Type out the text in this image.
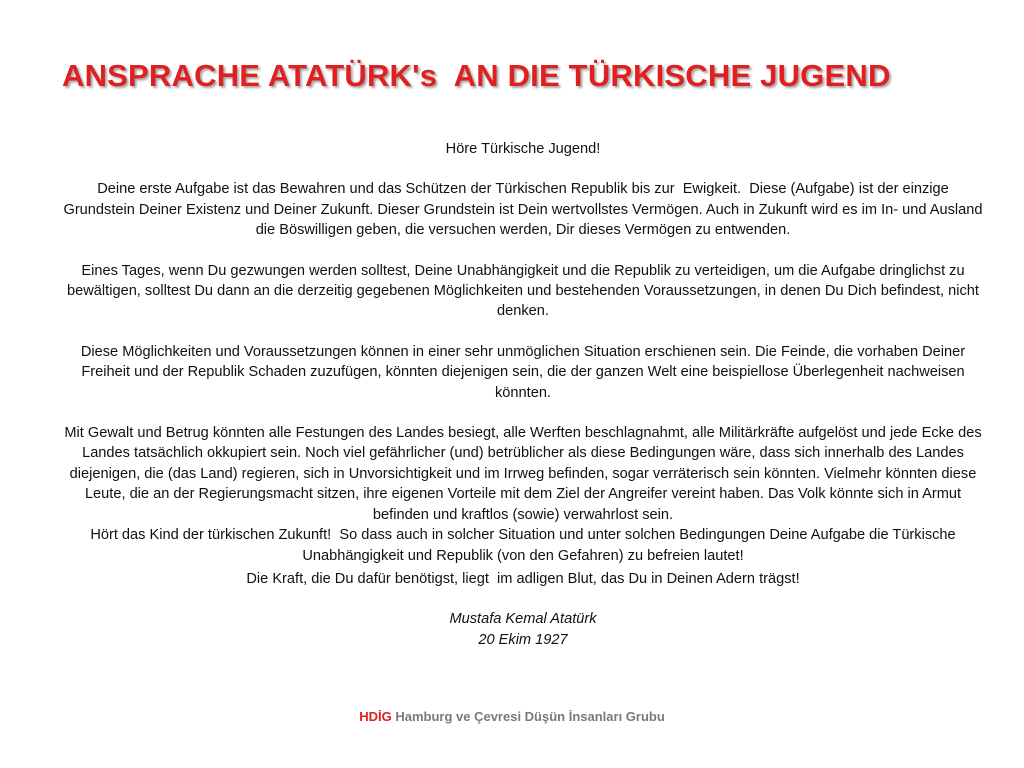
ANSPRACHE ATATÜRK's  AN DIE TÜRKISCHE JUGEND

Höre Türkische Jugend!

Deine erste Aufgabe ist das Bewahren und das Schützen der Türkischen Republik bis zur  Ewigkeit.  Diese (Aufgabe) ist der einzige Grundstein Deiner Existenz und Deiner Zukunft. Dieser Grundstein ist Dein wertvollstes Vermögen. Auch in Zukunft wird es im In- und Ausland die Böswilligen geben, die versuchen werden, Dir dieses Vermögen zu entwenden.

Eines Tages, wenn Du gezwungen werden solltest, Deine Unabhängigkeit und die Republik zu verteidigen, um die Aufgabe dringlichst zu bewältigen, solltest Du dann an die derzeitig gegebenen Möglichkeiten und bestehenden Voraussetzungen, in denen Du Dich befindest, nicht denken.

Diese Möglichkeiten und Voraussetzungen können in einer sehr unmöglichen Situation erschienen sein. Die Feinde, die vorhaben Deiner Freiheit und der Republik Schaden zuzufügen, könnten diejenigen sein, die der ganzen Welt eine beispiellose Überlegenheit nachweisen könnten.

Mit Gewalt und Betrug könnten alle Festungen des Landes besiegt, alle Werften beschlagnahmt, alle Militärkräfte aufgelöst und jede Ecke des Landes tatsächlich okkupiert sein. Noch viel gefährlicher (und) betrüblicher als diese Bedingungen wäre, dass sich innerhalb des Landes diejenigen, die (das Land) regieren, sich in Unvorsichtigkeit und im Irrweg befinden, sogar verräterisch sein könnten. Vielmehr könnten diese Leute, die an der Regierungsmacht sitzen, ihre eigenen Vorteile mit dem Ziel der Angreifer vereint haben. Das Volk könnte sich in Armut befinden und kraftlos (sowie) verwahrlost sein.

Hört das Kind der türkischen Zukunft!  So dass auch in solcher Situation und unter solchen Bedingungen Deine Aufgabe die Türkische Unabhängigkeit und Republik (von den Gefahren) zu befreien lautet!

Die Kraft, die Du dafür benötigst, liegt  im adligen Blut, das Du in Deinen Adern trägst!

Mustafa Kemal Atatürk

20 Ekim 1927

HDİG Hamburg ve Çevresi Düşün İnsanları Grubu
